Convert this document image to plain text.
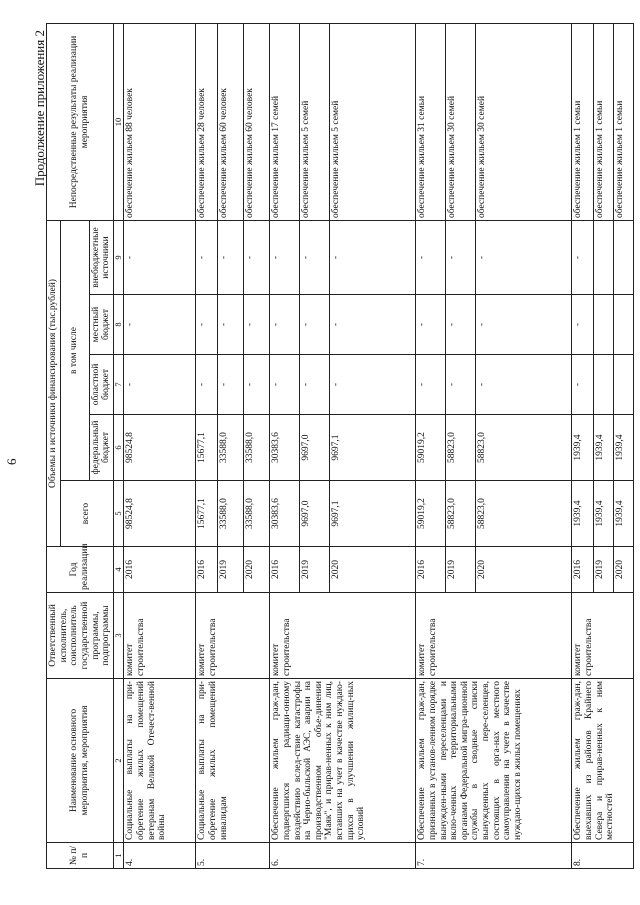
6
Продолжение приложения 2
№ п/п	Наименование основного мероприятия, мероприятия	Ответственный исполнитель, соисполнитель государственной программы, подпрограммы	Год реализации	Объемы и источники финансирования (тыс.рублей)					Непосредственные результаты реализации мероприятия
				всего	в том числе				
					федеральный бюджет	областной бюджет	местный бюджет	внебюджетные источники	
1	2	3	4	5	6	7	8	9	10
4.	Социальные выплаты на при-обретение жилых помещений ветеранам Великой Отечест-венной войны	комитет строительства	2016	98524,8	98524,8	-	-	-	обеспечение жильем 88 человек
5.	Социальные выплаты на при-обретение жилых помещений инвалидам	комитет строительства	2016	15677,1	15677,1	-	-	-	обеспечение жильем 28 человек
			2019	33588,0	33588,0	-	-	-	обеспечение жильем 60 человек
			2020	33588,0	33588,0	-	-	-	обеспечение жильем 60 человек
6.	Обеспечение жильем граж-дан, подвергшихся радиаци-онному воздействию вслед-ствие катастрофы на Черно-быльской АЭС, аварии на производственном объе-динении "Маяк", и прирав-ненных к ним лиц, вставших на учет в качестве нуждаю-щихся в улучшении жилищ-ных условий	комитет строительства	2016	30383,6	30383,6	-	-	-	обеспечение жильем 17 семей
			2019	9697,0	9697,0	-	-	-	обеспечение жильем 5 семей
			2020	9697,1	9697,1	-	-	-	обеспечение жильем 5 семей
7.	Обеспечение жильем граж-дан, признанных в установ-ленном порядке вынужден-ными переселенцами и вклю-ченных территориальными органами Федеральной мигра-ционной службы в сводные списки вынужденных пере-селенцев, состоящих в орга-нах местного самоуправления на учете в качестве нуждаю-щихся в жилых помещениях	комитет строительства	2016	59019,2	59019,2	-	-	-	обеспечение жильем 31 семьи
			2019	58823,0	58823,0	-	-	-	обеспечение жильем 30 семей
			2020	58823,0	58823,0	-	-	-	обеспечение жильем 30 семей
8.	Обеспечение жильем граж-дан, выехавших из районов Крайнего Севера и прирав-ненных к ним местностей	комитет строительства	2016	1939,4	1939,4	-	-	-	обеспечение жильем 1 семьи
			2019	1939,4	1939,4				обеспечение жильем 1 семьи
			2020	1939,4	1939,4				обеспечение жильем 1 семьи
